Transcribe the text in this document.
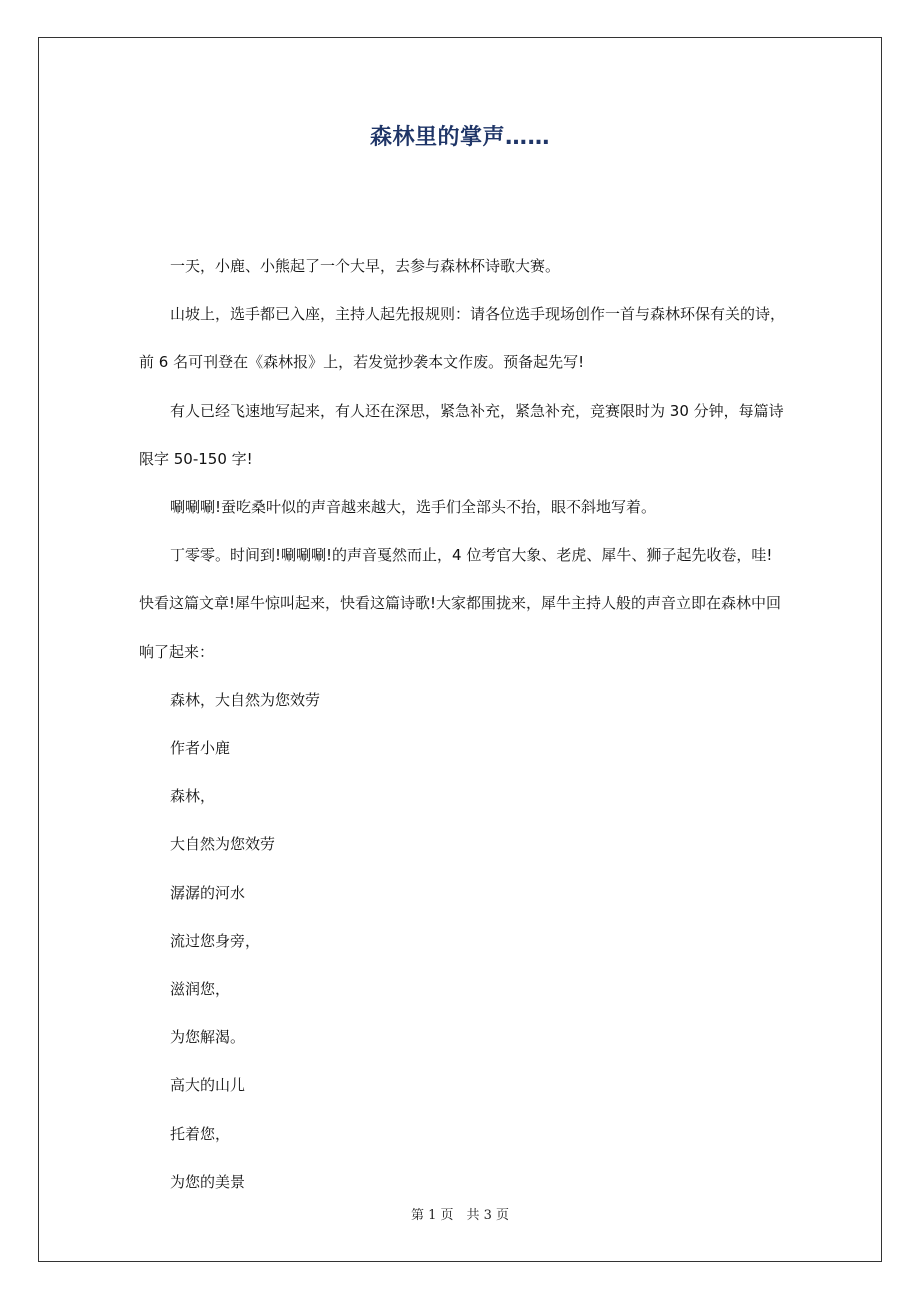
森林里的掌声……

一天，小鹿、小熊起了一个大早，去参与森林杯诗歌大赛。

山坡上，选手都已入座，主持人起先报规则：请各位选手现场创作一首与森林环保有关的诗，前 6 名可刊登在《森林报》上，若发觉抄袭本文作废。预备起先写!

有人已经飞速地写起来，有人还在深思，紧急补充，紧急补充，竞赛限时为 30 分钟，每篇诗限字 50-150 字!

唰唰唰!蚕吃桑叶似的声音越来越大，选手们全部头不抬，眼不斜地写着。

丁零零。时间到!唰唰唰!的声音戛然而止，4 位考官大象、老虎、犀牛、狮子起先收卷，哇!快看这篇文章!犀牛惊叫起来，快看这篇诗歌!大家都围拢来，犀牛主持人般的声音立即在森林中回响了起来：

森林，大自然为您效劳

作者小鹿

森林，

大自然为您效劳

潺潺的河水

流过您身旁，

滋润您，

为您解渴。

高大的山儿

托着您，

为您的美景

第 1 页　共 3 页
